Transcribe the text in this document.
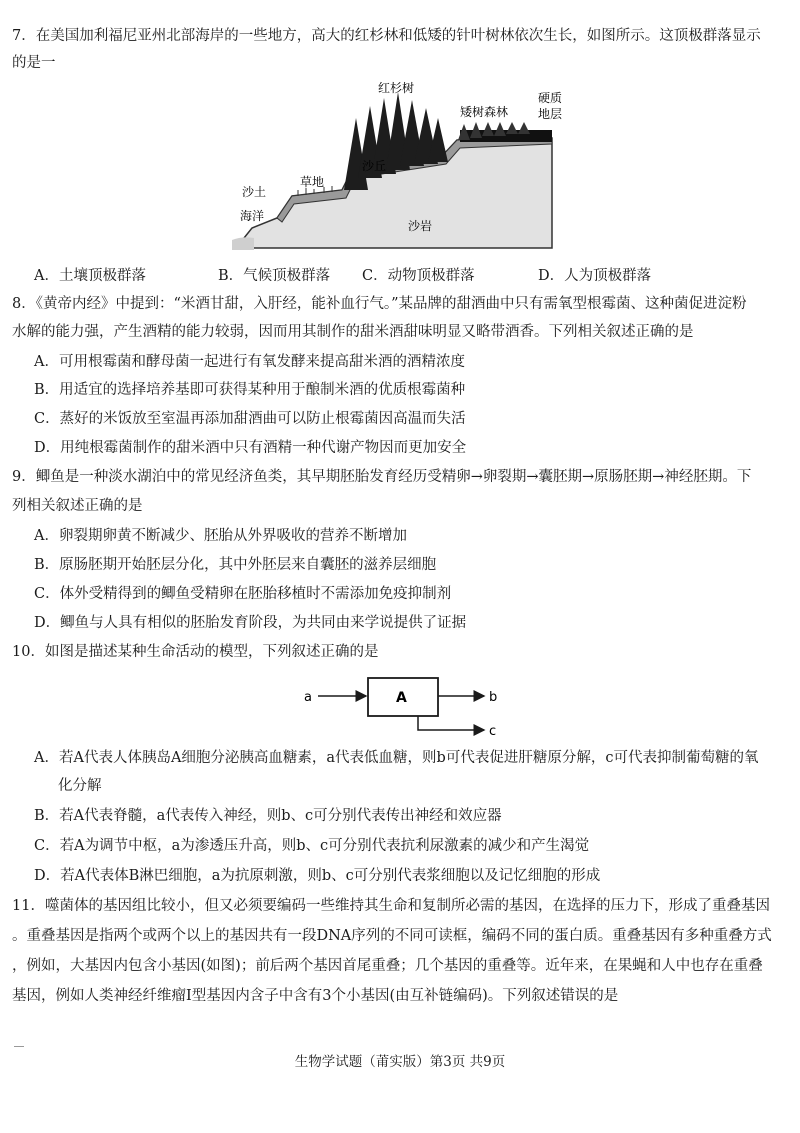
7．在美国加利福尼亚州北部海岸的一些地方，高大的红杉林和低矮的针叶树林依次生长，如图所示。这顶极群落显示
的是一
红杉树
矮树森林
硬质
地层
沙丘
草地
沙土
海洋
沙岩
A．土壤顶极群落	B．气候顶极群落 C．动物顶极群落	D．人为顶极群落
8．《黄帝内经》中提到：“米酒甘甜，入肝经，能补血行气。”某品牌的甜酒曲中只有需氧型根霉菌、这种菌促进淀粉
水解的能力强，产生酒精的能力较弱，因而用其制作的甜米酒甜味明显又略带酒香。下列相关叙述正确的是
A．可用根霉菌和酵母菌一起进行有氧发酵来提高甜米酒的酒精浓度
B．用适宜的选择培养基即可获得某种用于酿制米酒的优质根霉菌种
C．蒸好的米饭放至室温再添加甜酒曲可以防止根霉菌因高温而失活
D．用纯根霉菌制作的甜米酒中只有酒精一种代谢产物因而更加安全
9．鲫鱼是一种淡水湖泊中的常见经济鱼类，其早期胚胎发育经历受精卵→卵裂期→囊胚期→原肠胚期→神经胚期。下
列相关叙述正确的是
A．卵裂期卵黄不断减少、胚胎从外界吸收的营养不断增加
B．原肠胚期开始胚层分化，其中外胚层来自囊胚的滋养层细胞
C．体外受精得到的鲫鱼受精卵在胚胎移植时不需添加免疫抑制剂
D．鲫鱼与人具有相似的胚胎发育阶段，为共同由来学说提供了证据
10．如图是描述某种生命活动的模型，下列叙述正确的是
a	A	b
c
A．若A代表人体胰岛A细胞分泌胰高血糖素，a代表低血糖，则b可代表促进肝糖原分解，c可代表抑制葡萄糖的氧
化分解
B．若A代表脊髓，a代表传入神经，则b、c可分别代表传出神经和效应器
C．若A为调节中枢，a为渗透压升高，则b、c可分别代表抗利尿激素的减少和产生渴觉
D．若A代表体B淋巴细胞，a为抗原刺激，则b、c可分别代表浆细胞以及记忆细胞的形成
11．噬菌体的基因组比较小，但又必须要编码一些维持其生命和复制所必需的基因，在选择的压力下，形成了重叠基因
。重叠基因是指两个或两个以上的基因共有一段DNA序列的不同可读框，编码不同的蛋白质。重叠基因有多种重叠方式
，例如，大基因内包含小基因(如图)；前后两个基因首尾重叠；几个基因的重叠等。近年来，在果蝇和人中也存在重叠
基因，例如人类神经纤维瘤Ⅰ型基因内含子中含有3个小基因(由互补链编码)。下列叙述错误的是
生物学试题（莆实版）第3页 共9页
